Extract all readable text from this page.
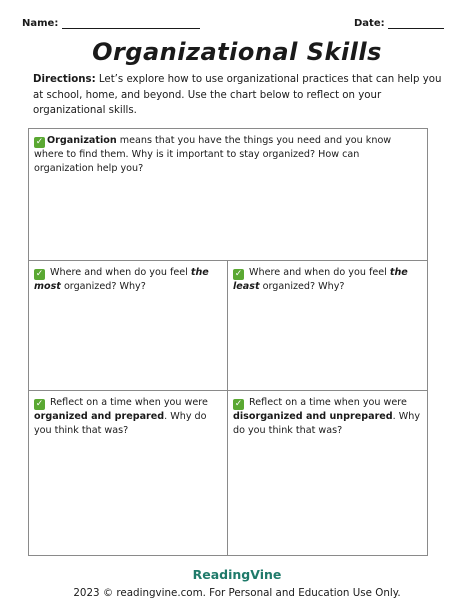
Name:	Date:
Organizational Skills
Directions: Let’s explore how to use organizational practices that can help you at school, home, and beyond. Use the chart below to reflect on your organizational skills.
✓ Organization means that you have the things you need and you know where to find them. Why is it important to stay organized? How can organization help you?
✓ Where and when do you feel the most organized? Why?
✓ Where and when do you feel the least organized? Why?
✓ Reflect on a time when you were organized and prepared. Why do you think that was?
✓ Reflect on a time when you were disorganized and unprepared. Why do you think that was?
ReadingVine
2023 © readingvine.com. For Personal and Education Use Only.
